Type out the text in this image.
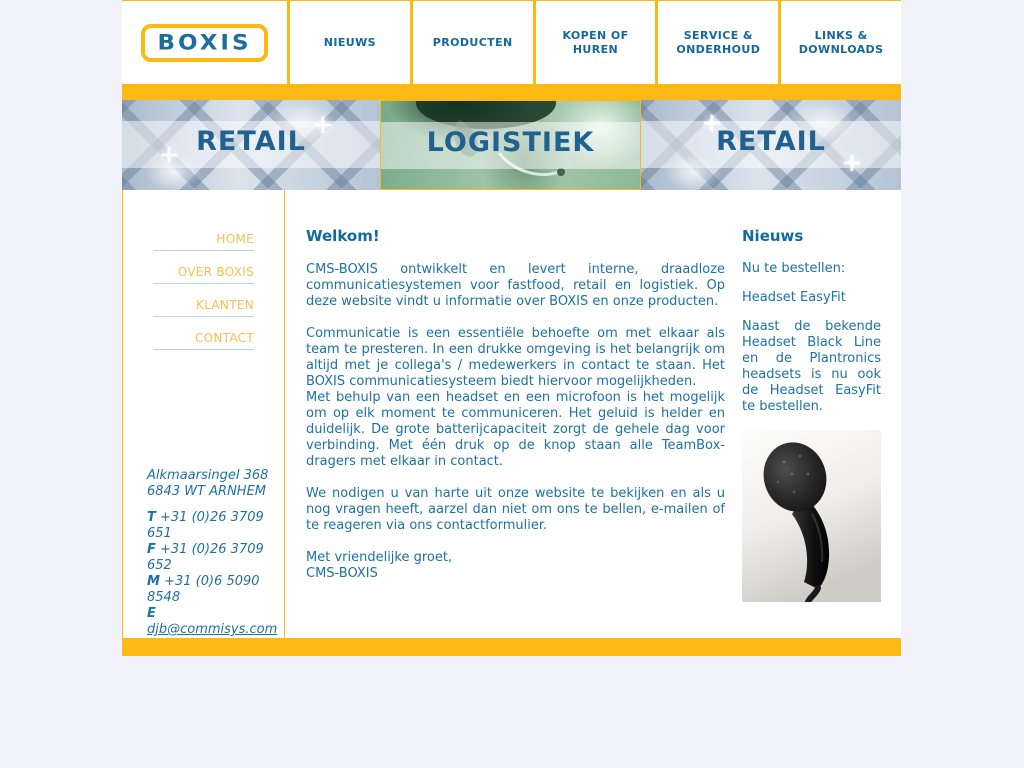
BOXIS	NIEUWS	PRODUCTEN
KOPEN OF HUREN
SERVICE & ONDERHOUD
LINKS & DOWNLOADS
RETAIL	LOGISTIEK	RETAIL
HOME
OVER BOXIS
KLANTEN
CONTACT
Alkmaarsingel 368
6843 WT ARNHEM
T +31 (0)26 3709 651
F +31 (0)26 3709 652
M +31 (0)6 5090 8548
E djb@commisys.com
Welkom!

CMS-BOXIS ontwikkelt en levert interne, draadloze communicatiesystemen voor fastfood, retail en logistiek. Op deze website vindt u informatie over BOXIS en onze producten.

Communicatie is een essentiële behoefte om met elkaar als team te presteren. In een drukke omgeving is het belangrijk om altijd met je collega's / medewerkers in contact te staan. Het BOXIS communicatiesysteem biedt hiervoor mogelijkheden.
Met behulp van een headset en een microfoon is het mogelijk om op elk moment te communiceren. Het geluid is helder en duidelijk. De grote batterijcapaciteit zorgt de gehele dag voor verbinding. Met één druk op de knop staan alle TeamBox-dragers met elkaar in contact.

We nodigen u van harte uit onze website te bekijken en als u nog vragen heeft, aarzel dan niet om ons te bellen, e-mailen of te reageren via ons contactformulier.

Met vriendelijke groet,

CMS-BOXIS

Nieuws

Nu te bestellen:

Headset EasyFit

Naast de bekende Headset Black Line en de Plantronics headsets is nu ook de Headset EasyFit te bestellen.
